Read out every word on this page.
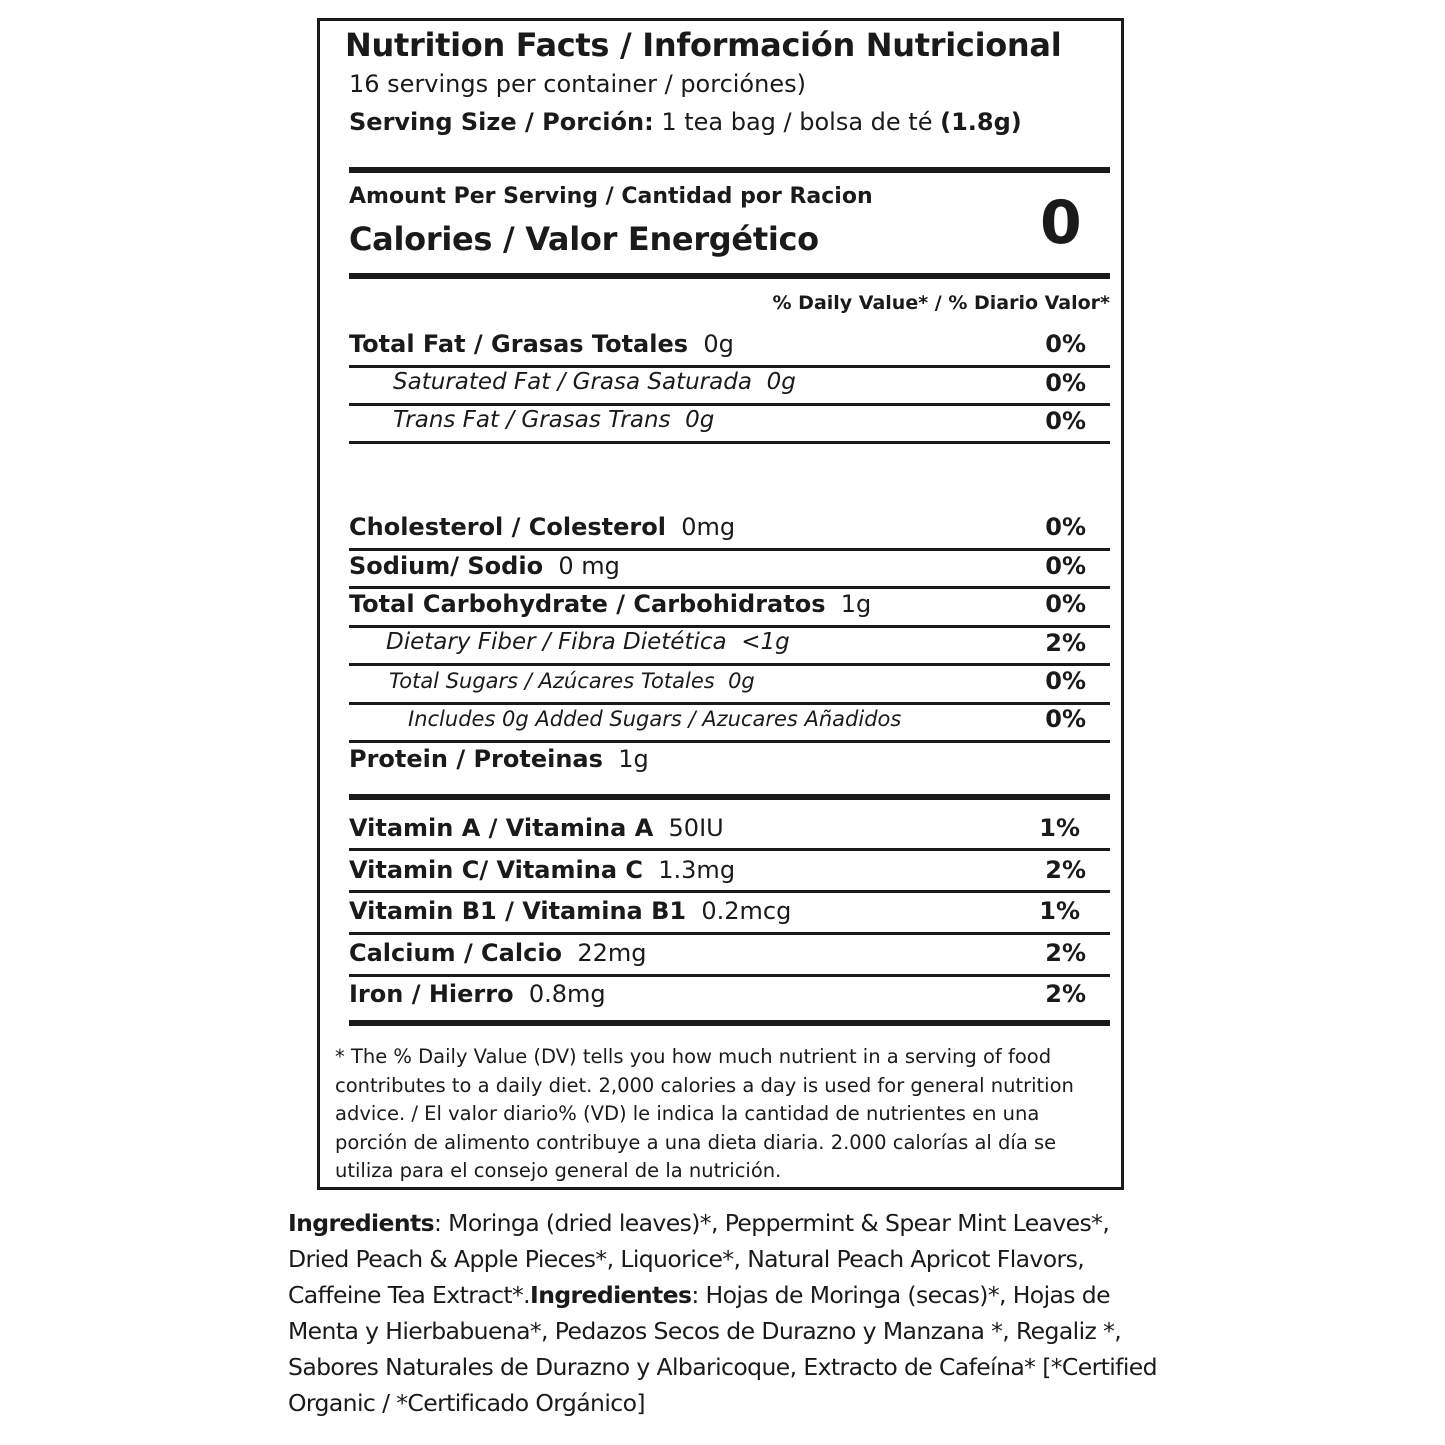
Nutrition Facts / Información Nutricional
16 servings per container / porciónes)
Serving Size / Porción: 1 tea bag / bolsa de té (1.8g)
Amount Per Serving / Cantidad por Racion
Calories / Valor Energético	0
% Daily Value* / % Diario Valor*
Total Fat / Grasas Totales 0g	0%
Saturated Fat / Grasa Saturada 0g	0%
Trans Fat / Grasas Trans 0g	0%
Cholesterol / Colesterol 0mg	0%
Sodium/ Sodio 0 mg	0%
Total Carbohydrate / Carbohidratos 1g	0%
Dietary Fiber / Fibra Dietética <1g	2%
Total Sugars / Azúcares Totales 0g	0%
Includes 0g Added Sugars / Azucares Añadidos	0%
Protein / Proteinas 1g
Vitamin A / Vitamina A 50IU	1%
Vitamin C/ Vitamina C 1.3mg	2%
Vitamin B1 / Vitamina B1 0.2mcg	1%
Calcium / Calcio 22mg	2%
Iron / Hierro 0.8mg	2%
* The % Daily Value (DV) tells you how much nutrient in a serving of food contributes to a daily diet. 2,000 calories a day is used for general nutrition advice. / El valor diario% (VD) le indica la cantidad de nutrientes en una porción de alimento contribuye a una dieta diaria. 2.000 calorías al día se utiliza para el consejo general de la nutrición.
Ingredients: Moringa (dried leaves)*, Peppermint & Spear Mint Leaves*, Dried Peach & Apple Pieces*, Liquorice*, Natural Peach Apricot Flavors, Caffeine Tea Extract*.Ingredientes: Hojas de Moringa (secas)*, Hojas de Menta y Hierbabuena*, Pedazos Secos de Durazno y Manzana *, Regaliz *, Sabores Naturales de Durazno y Albaricoque, Extracto de Cafeína* [*Certified Organic / *Certificado Orgánico]
